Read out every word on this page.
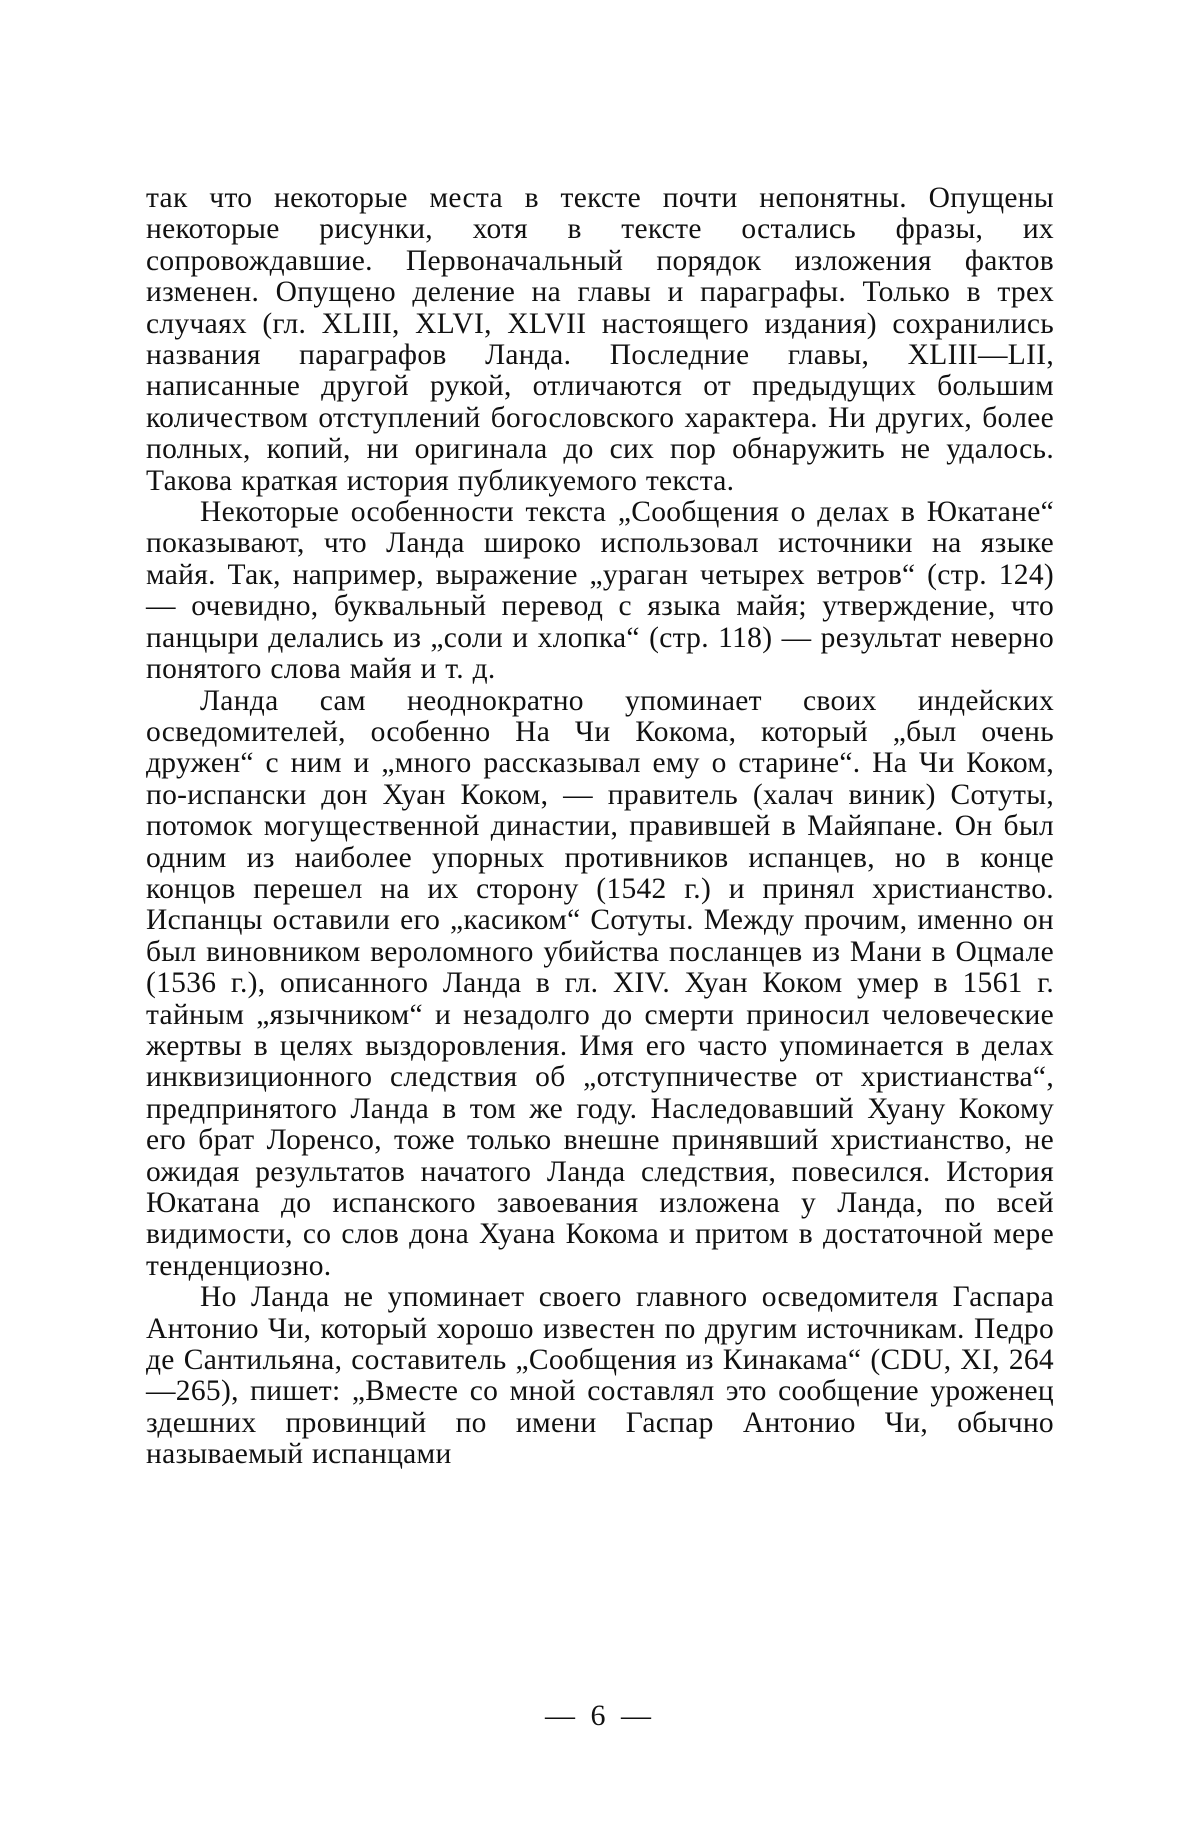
так что некоторые места в тексте почти непонятны. Опущены некоторые рисунки, хотя в тексте остались фразы, их сопровождавшие. Первоначальный порядок изложения фактов изменен. Опущено деление на главы и параграфы. Только в трех случаях (гл. XLIII, XLVI, XLVII настоящего издания) сохранились названия параграфов Ланда. Последние главы, XLIII—LII, написанные другой рукой, отличаются от предыдущих большим количеством отступлений богословского характера. Ни других, более полных, копий, ни оригинала до сих пор обнаружить не удалось. Такова краткая история публикуемого текста.

Некоторые особенности текста „Сообщения о делах в Юкатане“ показывают, что Ланда широко использовал источники на языке майя. Так, например, выражение „ураган четырех ветров“ (стр. 124) — очевидно, буквальный перевод с языка майя; утверждение, что панцыри делались из „соли и хлопка“ (стр. 118) — результат неверно понятого слова майя и т. д.

Ланда сам неоднократно упоминает своих индейских осведомителей, особенно На Чи Кокома, который „был очень дружен“ с ним и „много рассказывал ему о старине“. На Чи Коком, по-испански дон Хуан Коком, — правитель (халач виник) Сотуты, потомок могущественной династии, правившей в Майяпане. Он был одним из наиболее упорных противников испанцев, но в конце концов перешел на их сторону (1542 г.) и принял христианство. Испанцы оставили его „касиком“ Сотуты. Между прочим, именно он был виновником вероломного убийства посланцев из Мани в Оцмале (1536 г.), описанного Ланда в гл. XIV. Хуан Коком умер в 1561 г. тайным „язычником“ и незадолго до смерти приносил человеческие жертвы в целях выздоровления. Имя его часто упоминается в делах инквизиционного следствия об „отступничестве от христианства“, предпринятого Ланда в том же году. Наследовавший Хуану Кокому его брат Лоренсо, тоже только внешне принявший христианство, не ожидая результатов начатого Ланда следствия, повесился. История Юкатана до испанского завоевания изложена у Ланда, по всей видимости, со слов дона Хуана Кокома и притом в достаточной мере тенденциозно.

Но Ланда не упоминает своего главного осведомителя Гаспара Антонио Чи, который хорошо известен по другим источникам. Педро де Сантильяна, составитель „Сообщения из Кинакама“ (CDU, XI, 264—265), пишет: „Вместе со мной составлял это сообщение уроженец здешних провинций по имени Гаспар Антонио Чи, обычно называемый испанцами

— 6 —
